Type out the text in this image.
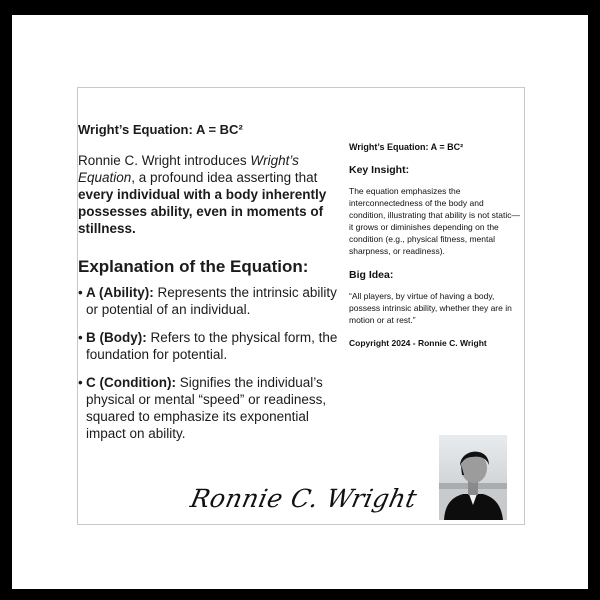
Wright’s Equation: A = BC²

Ronnie C. Wright introduces Wright’s Equation, a profound idea asserting that every individual with a body inherently possesses ability, even in moments of stillness.

Explanation of the Equation:
• A (Ability): Represents the intrinsic ability or potential of an individual.
• B (Body): Refers to the physical form, the foundation for potential.
• C (Condition): Signifies the individual’s physical or mental “speed” or readiness, squared to emphasize its exponential impact on ability.
Wright’s Equation: A = BC²
Key Insight:

The equation emphasizes the interconnectedness of the body and condition, illustrating that ability is not static—it grows or diminishes depending on the condition (e.g., physical fitness, mental sharpness, or readiness).

Big Idea:

“All players, by virtue of having a body, possess intrinsic ability, whether they are in motion or at rest.”

Copyright 2024 - Ronnie C. Wright
Ronnie C. Wright
